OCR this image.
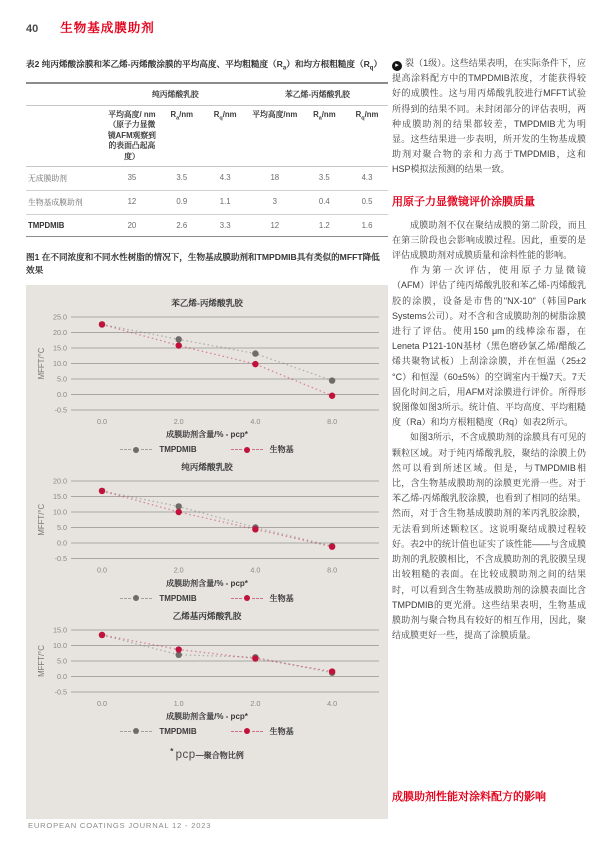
40 生物基成膜助剂
表2 纯丙烯酸涂膜和苯乙烯-丙烯酸涂膜的平均高度、平均粗糙度$(R_a)$和均方根粗糙度$(R_q)$
	纯丙烯酸乳胶			苯乙烯-丙烯酸乳胶		
	平均高度/ nm（原子力显微镜AFM观察到的表面凸起高度）	$R_a/nm$	$R_q/nm$	平均高度/nm	$R_a/nm$	$R_q/nm$
无成膜助剂	35	3.5	4.3	18	3.5	4.3
生物基成膜助剂	12	0.9	1.1	3	0.4	0.5
TMPDMIB	20	2.6	3.3	12	1.2	1.6
图1 在不同浓度和不同水性树脂的情况下，生物基成膜助剂和TMPDMIB具有类似的MFFT降低效果
苯乙烯-丙烯酸乳胶
25.0
20.0
15.0
10.0
5.0
0.0
-0.5
MFFT/°C
0.0	2.0	4.0	8.0
成膜助剂含量/% - pcp*
TMPDMIB	生物基
纯丙烯酸乳胶
20.0
15.0
10.0
5.0
0.0
-0.5
MFFT/°C
0.0	2.0	4.0	8.0
成膜助剂含量/% - pcp*
TMPDMIB	生物基
乙烯基丙烯酸乳胶
15.0
10.0
5.0
0.0
-0.5
MFFT/°C
0.0	1.0	2.0	4.0
成膜助剂含量/% - pcp*
TMPDMIB	生物基
* pcp—聚合物比例

▸ 裂（1级）。这些结果表明，在实际条件下，应提高涂料配方中的TMPDMIB浓度，才能获得较好的成膜性。这与用丙烯酸乳胶进行MFFT试验所得到的结果不同。未封闭部分的评估表明，两种成膜助剂的结果都较差，TMPDMIB尤为明显。这些结果进一步表明，所开发的生物基成膜助剂对聚合物的亲和力高于TMPDMIB，这和HSP模拟法预测的结果一致。

用原子力显微镜评价涂膜质量

成膜助剂不仅在聚结成膜的第二阶段，而且在第三阶段也会影响成膜过程。因此，重要的是评估成膜助剂对成膜质量和涂料性能的影响。

作为第一次评估，使用原子力显微镜（AFM）评估了纯丙烯酸乳胶和苯乙烯-丙烯酸乳胶的涂膜，设备是市售的"NX-10"（韩国Park Systems公司）。对不含和含成膜助剂的树脂涂膜进行了评估。使用150 μm的线棒涂布器，在Leneta P121-10N基材（黑色磨砂氯乙烯/醋酸乙烯共聚物试板）上刮涂涂膜，并在恒温（25±2 °C）和恒湿（60±5%）的空调室内干燥7天。7天固化时间之后，用AFM对涂膜进行评价。所得形貌图像如图3所示。统计值、平均高度、平均粗糙度（Ra）和均方根粗糙度（Rq）如表2所示。

如图3所示，不含成膜助剂的涂膜具有可见的颗粒区域。对于纯丙烯酸乳胶，聚结的涂膜上仍然可以看到所述区域。但是，与TMPDMIB相比，含生物基成膜助剂的涂膜更光滑一些。对于苯乙烯-丙烯酸乳胶涂膜，也看到了相同的结果。然而，对于含生物基成膜助剂的苯丙乳胶涂膜，无法看到所述颗粒区。这说明聚结成膜过程较好。表2中的统计值也证实了该性能——与含成膜助剂的乳胶膜相比，不含成膜助剂的乳胶膜呈现出较粗糙的表面。在比较成膜助剂之间的结果时，可以看到含生物基成膜助剂的涂膜表面比含TMPDMIB的更光滑。这些结果表明，生物基成膜助剂与聚合物具有较好的相互作用，因此，聚结成膜更好一些，提高了涂膜质量。

成膜助剂性能对涂料配方的影响
EUROPEAN COATINGS JOURNAL 12 - 2023
